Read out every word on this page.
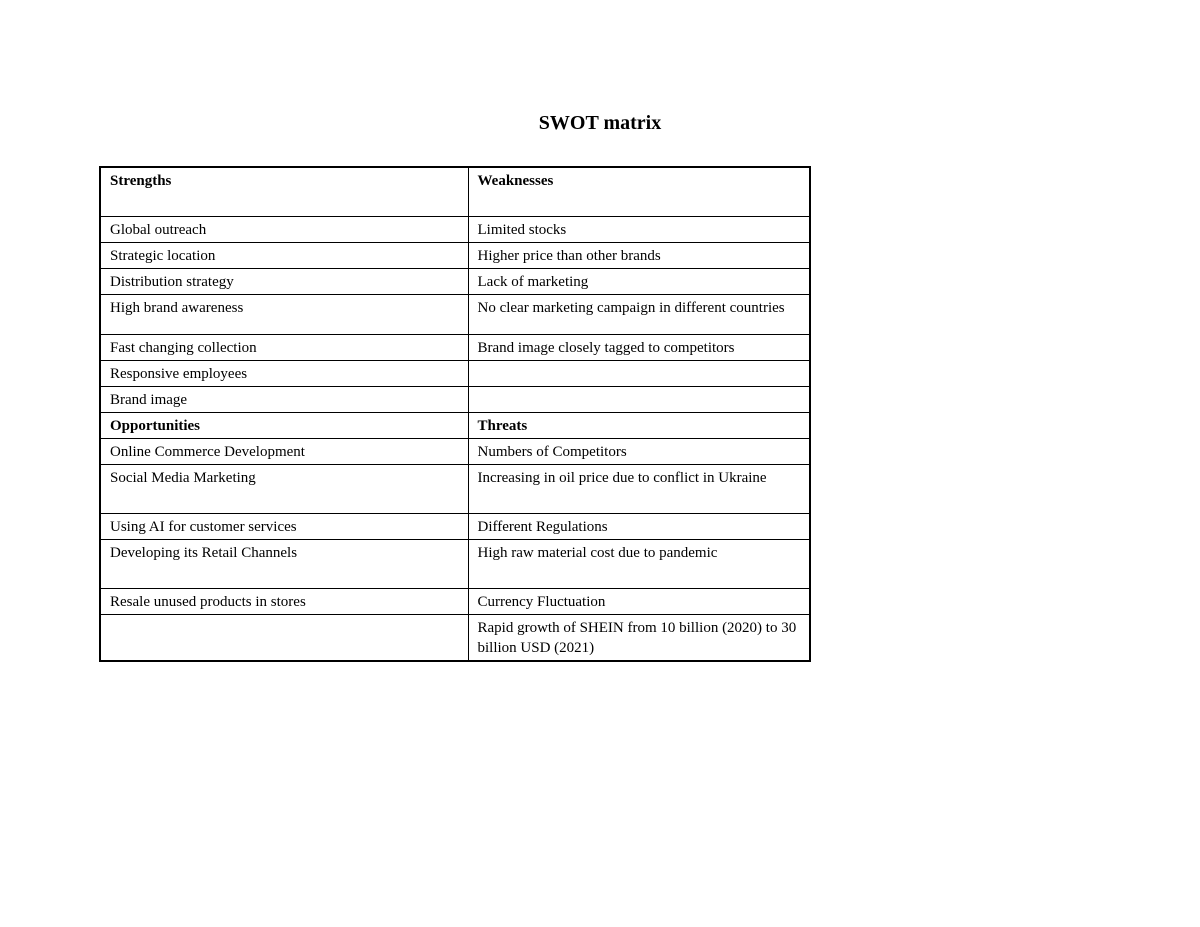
SWOT matrix
Strengths	Weaknesses
Global outreach	Limited stocks
Strategic location	Higher price than other brands
Distribution strategy	Lack of marketing
High brand awareness	No clear marketing campaign in different countries
Fast changing collection	Brand image closely tagged to competitors
Responsive employees	
Brand image	
Opportunities	Threats
Online Commerce Development	Numbers of Competitors
Social Media Marketing	Increasing in oil price due to conflict in Ukraine
Using AI for customer services	Different Regulations
Developing its Retail Channels	High raw material cost due to pandemic
Resale unused products in stores	Currency Fluctuation
	Rapid growth of SHEIN from 10 billion (2020) to 30 billion USD (2021)
